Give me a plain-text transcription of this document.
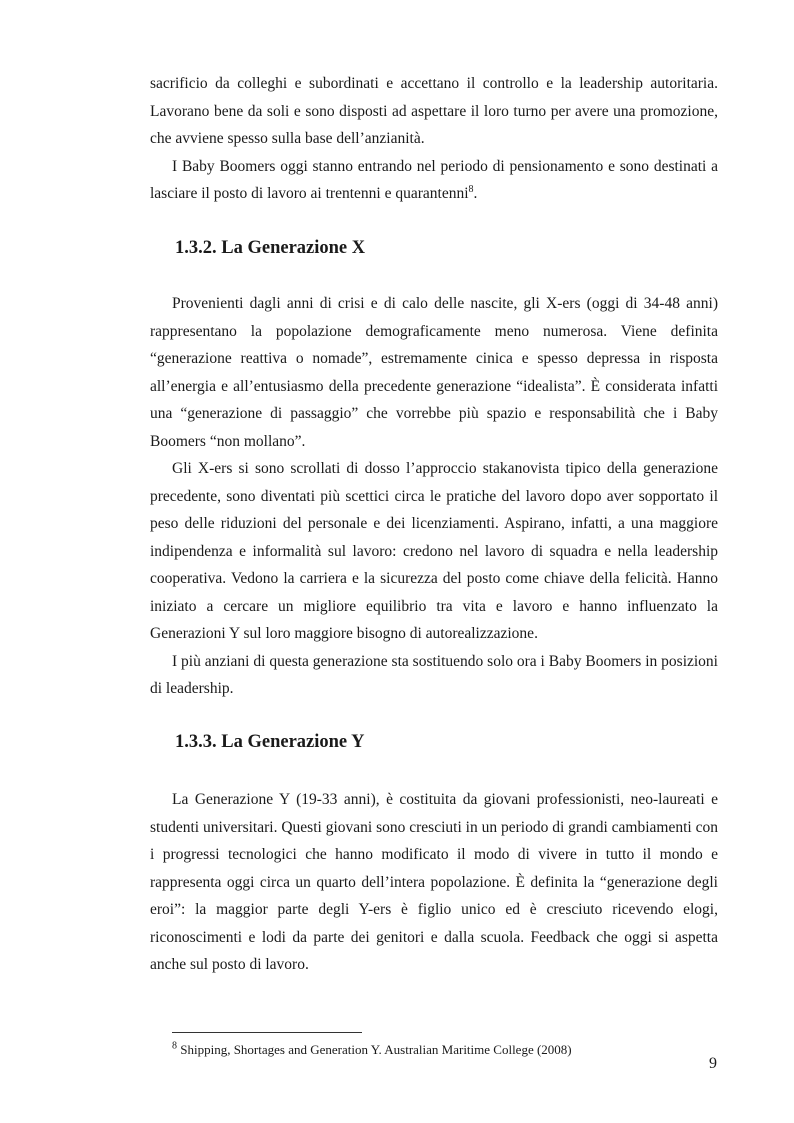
sacrificio da colleghi e subordinati e accettano il controllo e la leadership autoritaria. Lavorano bene da soli e sono disposti ad aspettare il loro turno per avere una promozione, che avviene spesso sulla base dell’anzianità.

I Baby Boomers oggi stanno entrando nel periodo di pensionamento e sono destinati a lasciare il posto di lavoro ai trentenni e quarantenni$^8$.

1.3.2. La Generazione X

Provenienti dagli anni di crisi e di calo delle nascite, gli X-ers (oggi di 34-48 anni) rappresentano la popolazione demograficamente meno numerosa. Viene definita “generazione reattiva o nomade”, estremamente cinica e spesso depressa in risposta all’energia e all’entusiasmo della precedente generazione “idealista”. È considerata infatti una “generazione di passaggio” che vorrebbe più spazio e responsabilità che i Baby Boomers “non mollano”.

Gli X-ers si sono scrollati di dosso l’approccio stakanovista tipico della generazione precedente, sono diventati più scettici circa le pratiche del lavoro dopo aver sopportato il peso delle riduzioni del personale e dei licenziamenti. Aspirano, infatti, a una maggiore indipendenza e informalità sul lavoro: credono nel lavoro di squadra e nella leadership cooperativa. Vedono la carriera e la sicurezza del posto come chiave della felicità. Hanno iniziato a cercare un migliore equilibrio tra vita e lavoro e hanno influenzato la Generazioni Y sul loro maggiore bisogno di autorealizzazione.

I più anziani di questa generazione sta sostituendo solo ora i Baby Boomers in posizioni di leadership.

1.3.3. La Generazione Y

La Generazione Y (19-33 anni), è costituita da giovani professionisti, neo-laureati e studenti universitari. Questi giovani sono cresciuti in un periodo di grandi cambiamenti con i progressi tecnologici che hanno modificato il modo di vivere in tutto il mondo e rappresenta oggi circa un quarto dell’intera popolazione. È definita la “generazione degli eroi”: la maggior parte degli Y-ers è figlio unico ed è cresciuto ricevendo elogi, riconoscimenti e lodi da parte dei genitori e dalla scuola. Feedback che oggi si aspetta anche sul posto di lavoro.

$^8$ Shipping, Shortages and Generation Y. Australian Maritime College (2008)
9
